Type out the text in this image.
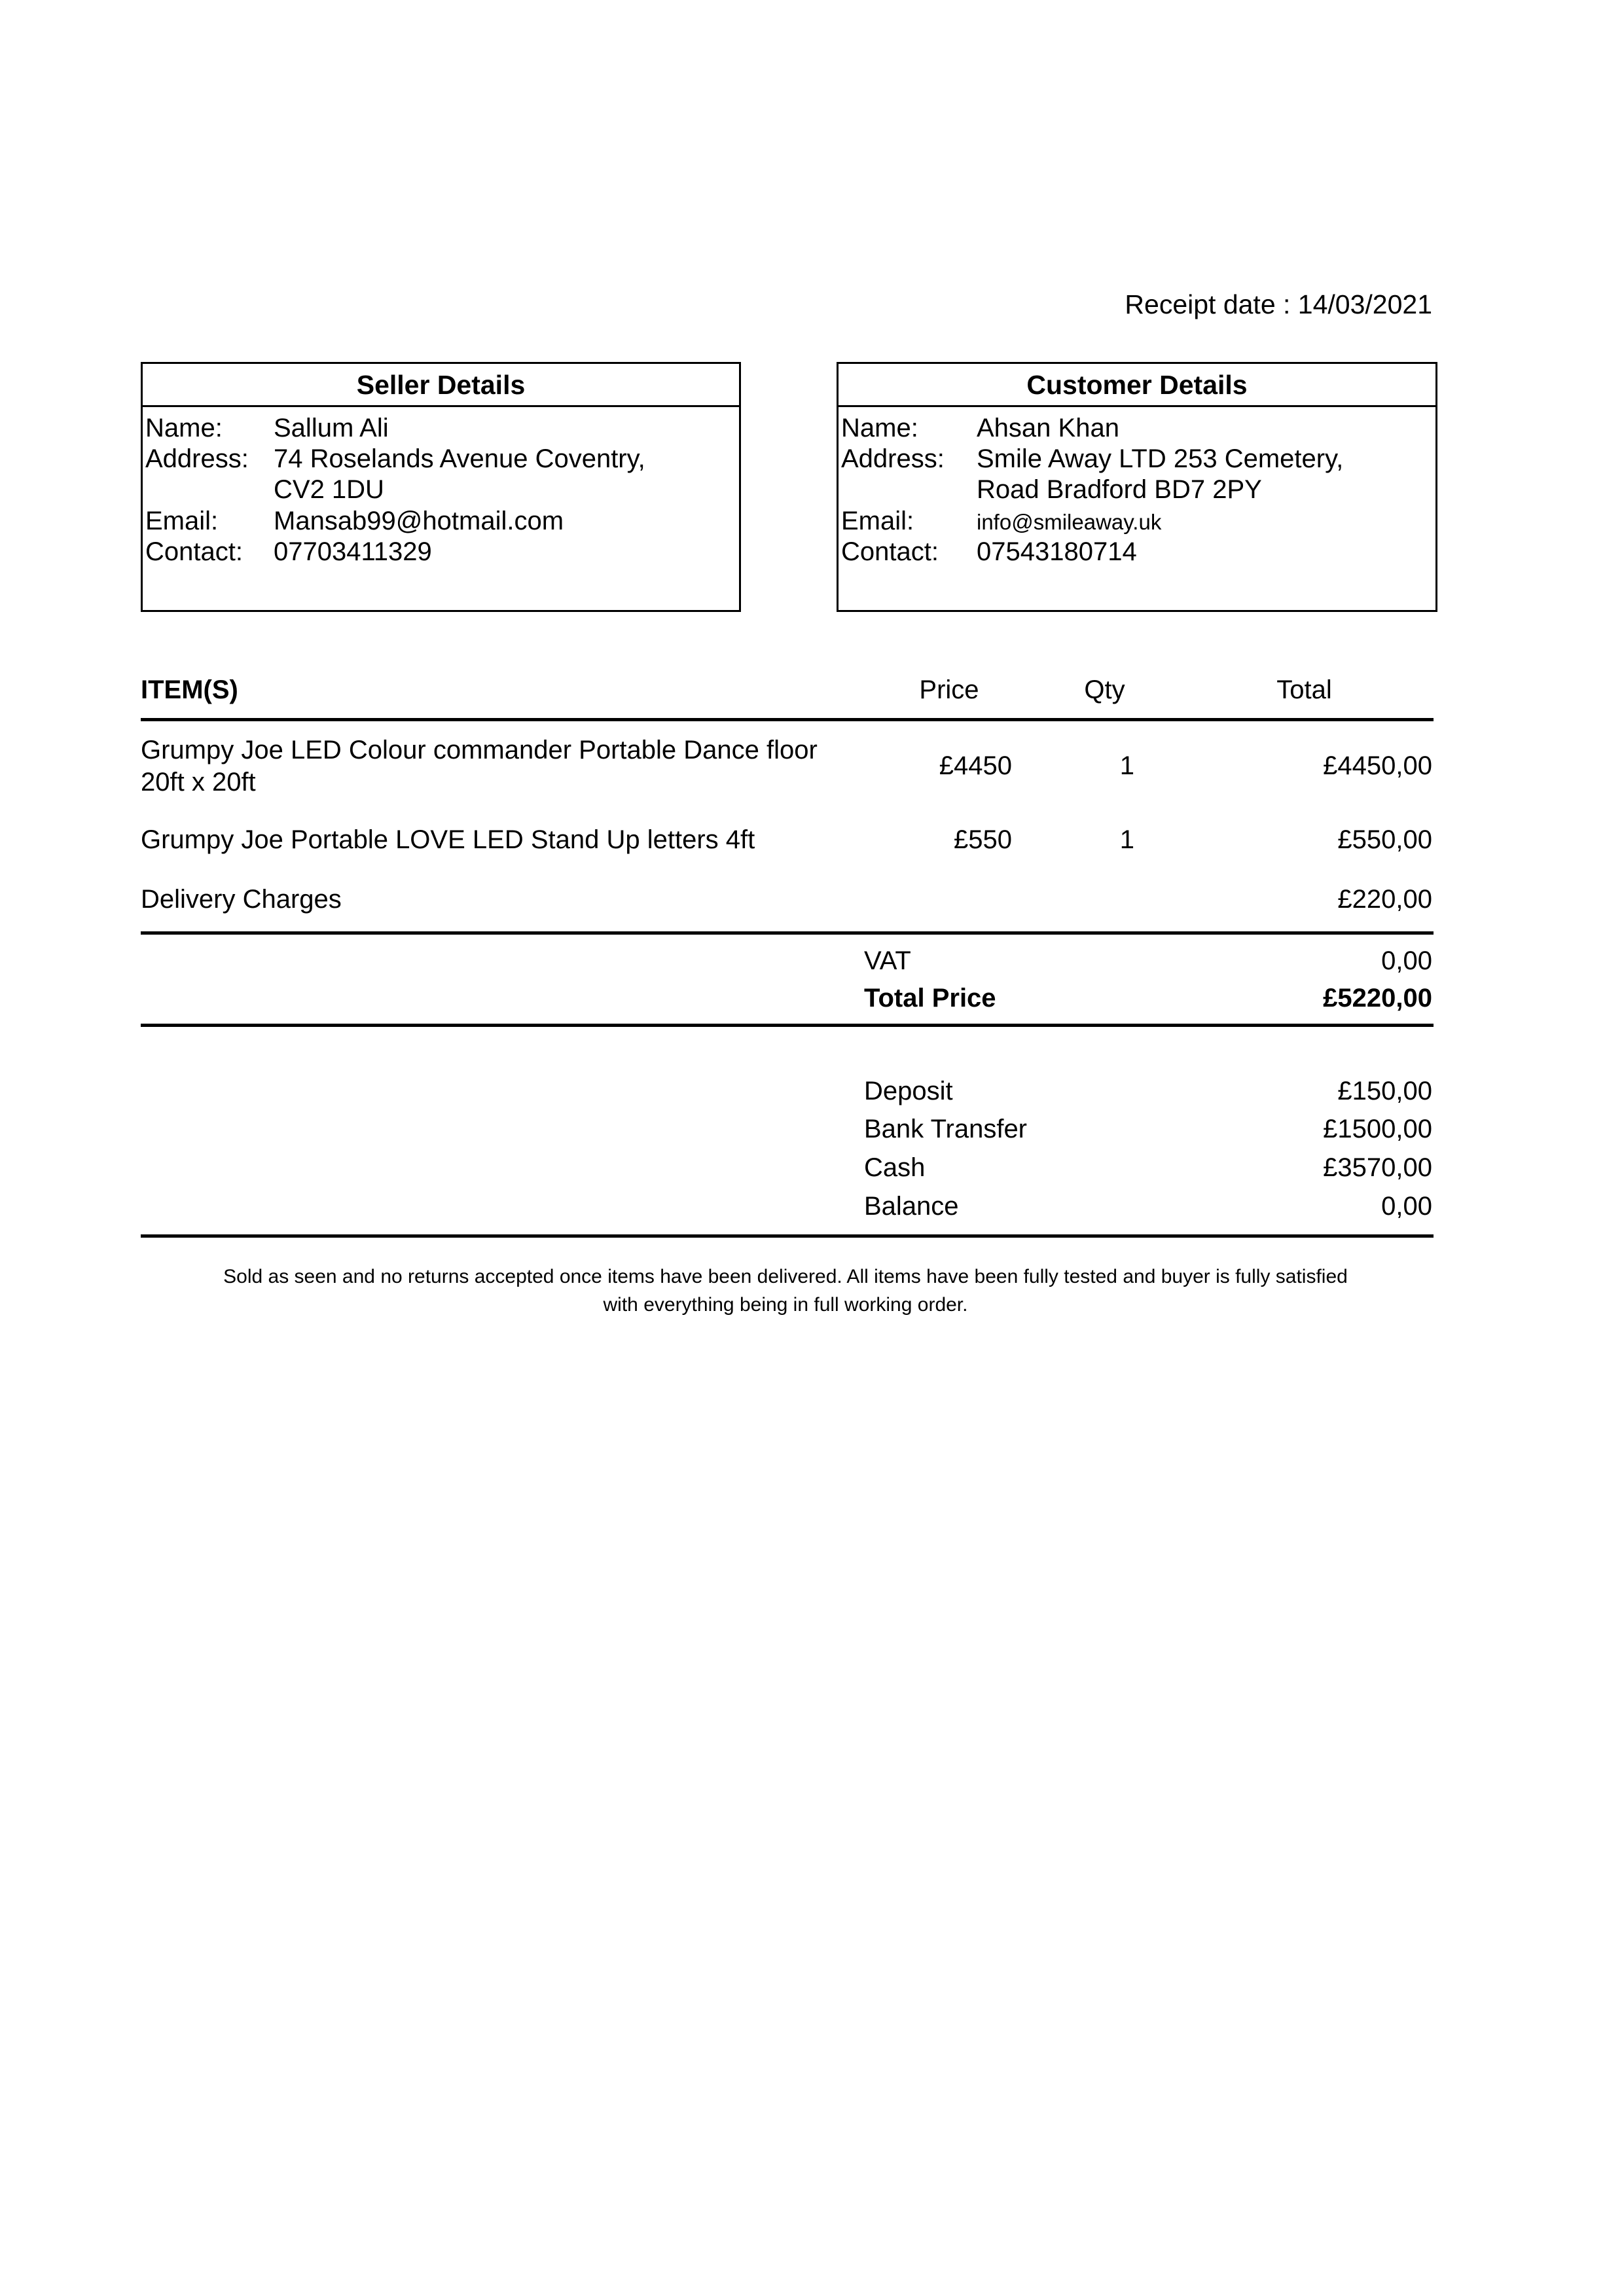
Receipt date : 14/03/2021
Seller Details
Name:	Sallum Ali
Address: 74 Roselands Avenue Coventry,
CV2 1DU
Email:	Mansab99@hotmail.com
Contact:	07703411329
Customer Details
Name:	Ahsan Khan
Address:	Smile Away LTD 253 Cemetery,
Road Bradford BD7 2PY
Email:	info@smileaway.uk
Contact:	07543180714
ITEM(S)	Price	Qty	Total

Grumpy Joe LED Colour commander Portable Dance floor
20ft x 20ft	£4450	1	£4450,00
Grumpy Joe Portable LOVE LED Stand Up letters 4ft	£550	1	£550,00
Delivery Charges			£220,00

	VAT		0,00
	Total Price		£5220,00

	Deposit		£150,00
	Bank Transfer		£1500,00
	Cash		£3570,00
	Balance		0,00

Sold as seen and no returns accepted once items have been delivered. All items have been fully tested and buyer is fully satisfied with everything being in full working order.
